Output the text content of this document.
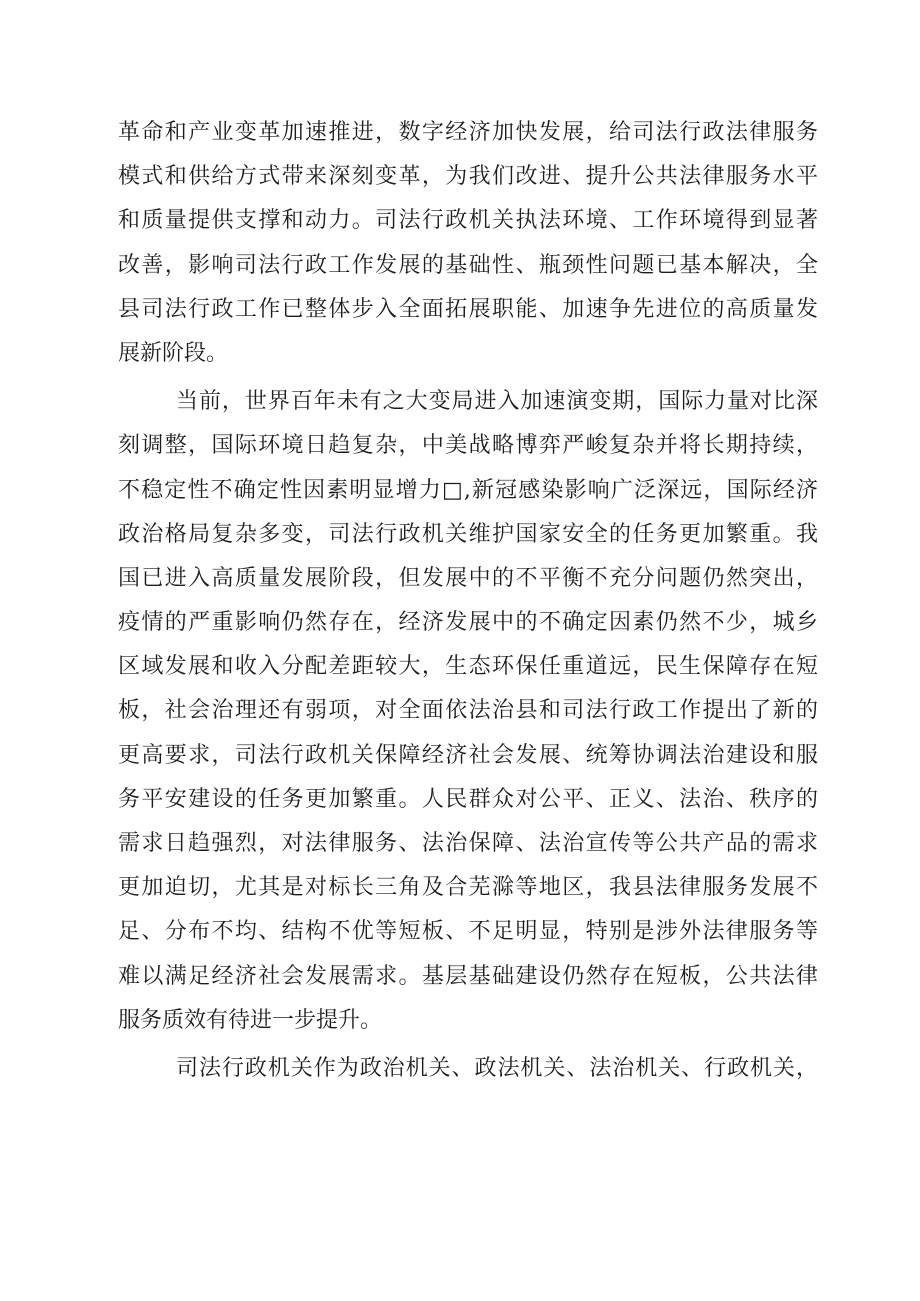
革命和产业变革加速推进，数字经济加快发展，给司法行政法律服务
模式和供给方式带来深刻变革，为我们改进、提升公共法律服务水平
和质量提供支撑和动力。司法行政机关执法环境、工作环境得到显著
改善，影响司法行政工作发展的基础性、瓶颈性问题已基本解决，全
县司法行政工作已整体步入全面拓展职能、加速争先进位的高质量发
展新阶段。
当前，世界百年未有之大变局进入加速演变期，国际力量对比深
刻调整，国际环境日趋复杂，中美战略博弈严峻复杂并将长期持续，
不稳定性不确定性因素明显增力□,新冠感染影响广泛深远，国际经济
政治格局复杂多变，司法行政机关维护国家安全的任务更加繁重。我
国已进入高质量发展阶段，但发展中的不平衡不充分问题仍然突出，
疫情的严重影响仍然存在，经济发展中的不确定因素仍然不少，城乡
区域发展和收入分配差距较大，生态环保任重道远，民生保障存在短
板，社会治理还有弱项，对全面依法治县和司法行政工作提出了新的
更高要求，司法行政机关保障经济社会发展、统筹协调法治建设和服
务平安建设的任务更加繁重。人民群众对公平、正义、法治、秩序的
需求日趋强烈，对法律服务、法治保障、法治宣传等公共产品的需求
更加迫切，尤其是对标长三角及合芜滁等地区，我县法律服务发展不
足、分布不均、结构不优等短板、不足明显，特别是涉外法律服务等
难以满足经济社会发展需求。基层基础建设仍然存在短板，公共法律
服务质效有待进一步提升。
司法行政机关作为政治机关、政法机关、法治机关、行政机关，
